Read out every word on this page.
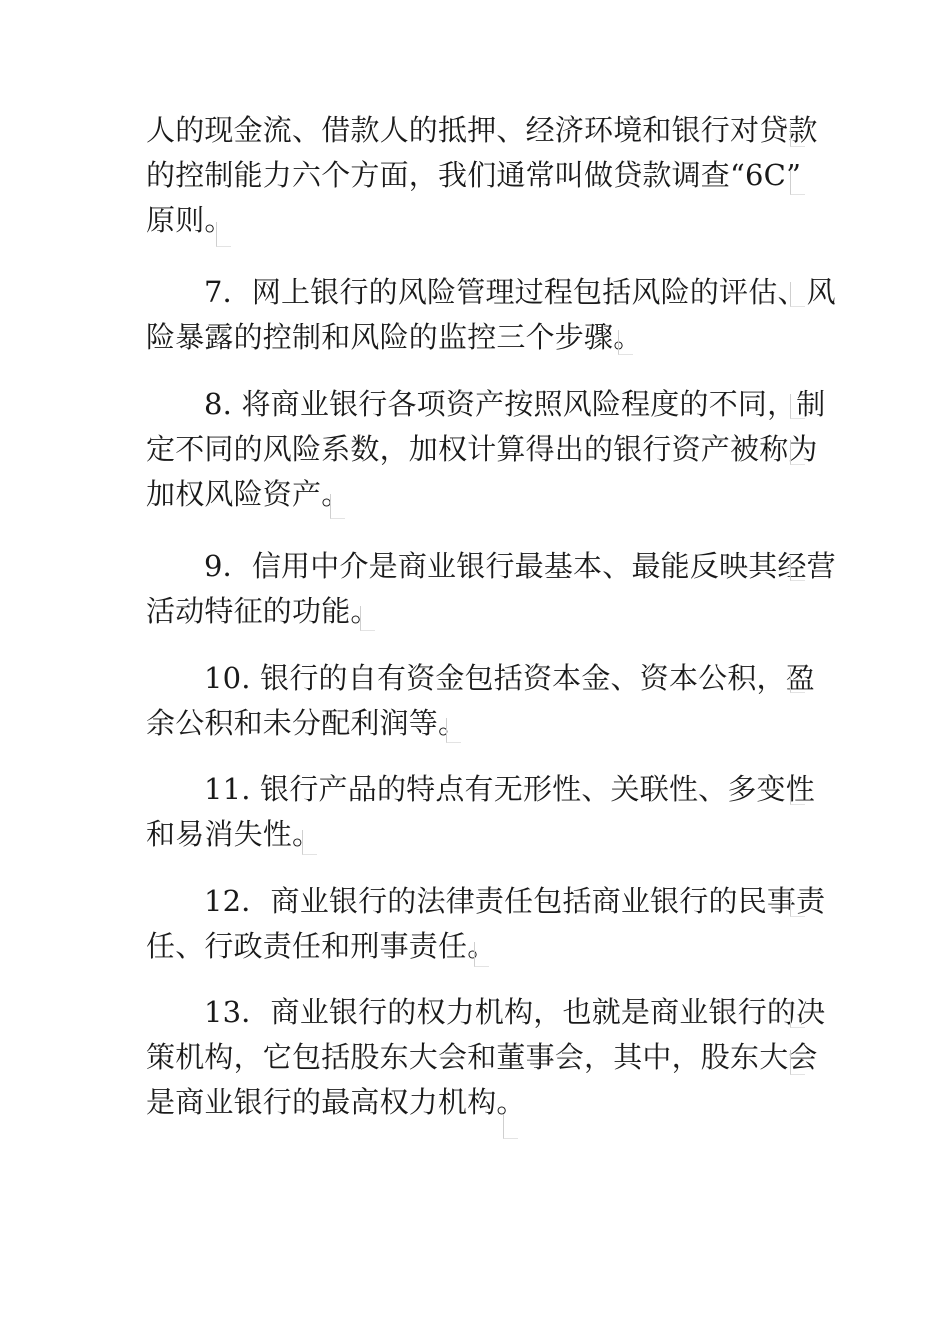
人的现金流、借款人的抵押、经济环境和银行对贷款
的控制能力六个方面，我们通常叫做贷款调查“6C”
原则。
7．网上银行的风险管理过程包括风险的评估、风
险暴露的控制和风险的监控三个步骤。
8. 将商业银行各项资产按照风险程度的不同，制
定不同的风险系数，加权计算得出的银行资产被称为
加权风险资产。
9．信用中介是商业银行最基本、最能反映其经营
活动特征的功能。
10. 银行的自有资金包括资本金、资本公积，盈
余公积和未分配利润等。
11. 银行产品的特点有无形性、关联性、多变性
和易消失性。
12．商业银行的法律责任包括商业银行的民事责
任、行政责任和刑事责任。
13．商业银行的权力机构，也就是商业银行的决
策机构，它包括股东大会和董事会，其中，股东大会
是商业银行的最高权力机构。
